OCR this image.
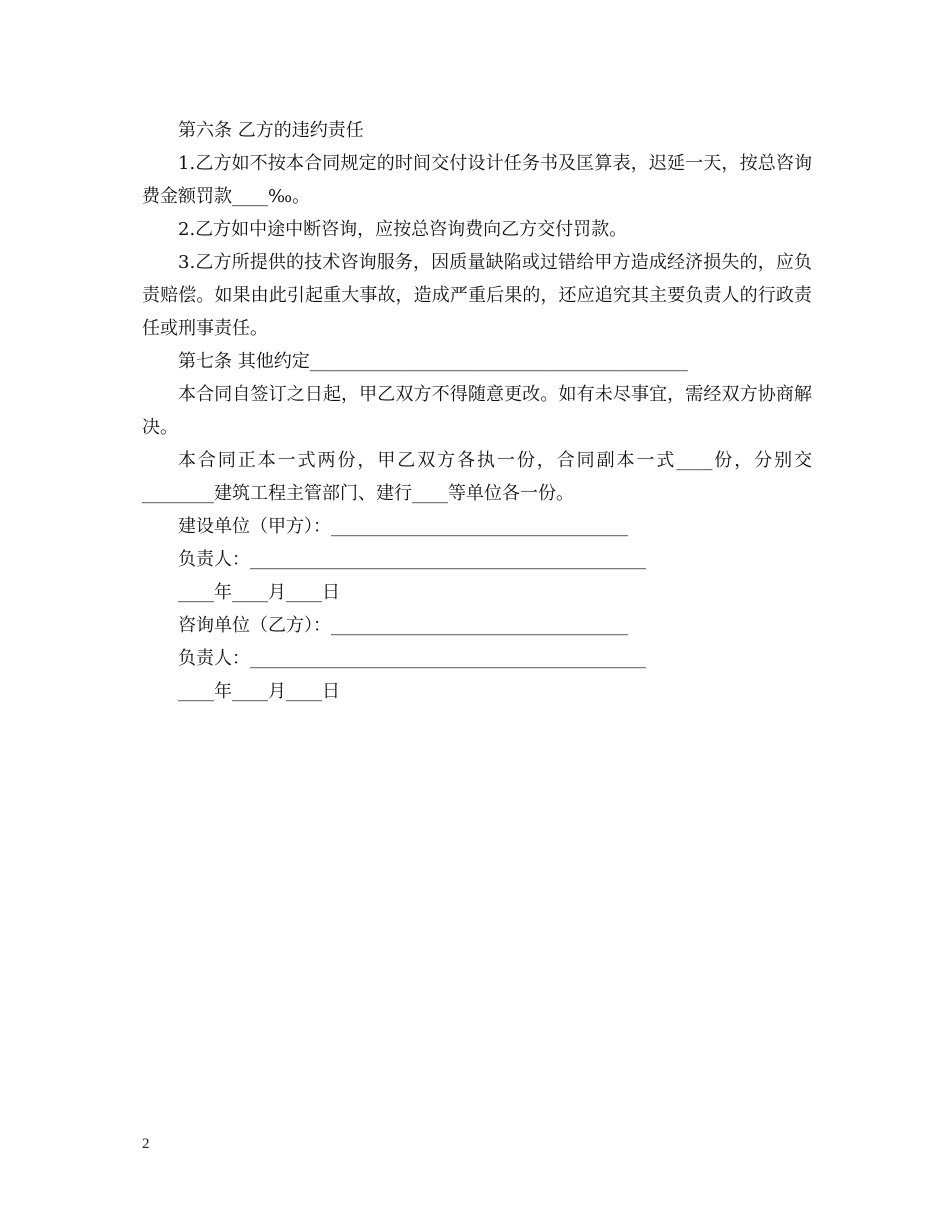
第六条 乙方的违约责任

1.乙方如不按本合同规定的时间交付设计任务书及匡算表，迟延一天，按总咨询费金额罚款____‰。

2.乙方如中途中断咨询，应按总咨询费向乙方交付罚款。

3.乙方所提供的技术咨询服务，因质量缺陷或过错给甲方造成经济损失的，应负责赔偿。如果由此引起重大事故，造成严重后果的，还应追究其主要负责人的行政责任或刑事责任。

第七条 其他约定__________________________________________

本合同自签订之日起，甲乙双方不得随意更改。如有未尽事宜，需经双方协商解决。

本合同正本一式两份，甲乙双方各执一份，合同副本一式____份，分别交________建筑工程主管部门、建行____等单位各一份。

建设单位（甲方）：_________________________________
负责人：____________________________________________
____年____月____日
咨询单位（乙方）：_________________________________
负责人：____________________________________________
____年____月____日
2
